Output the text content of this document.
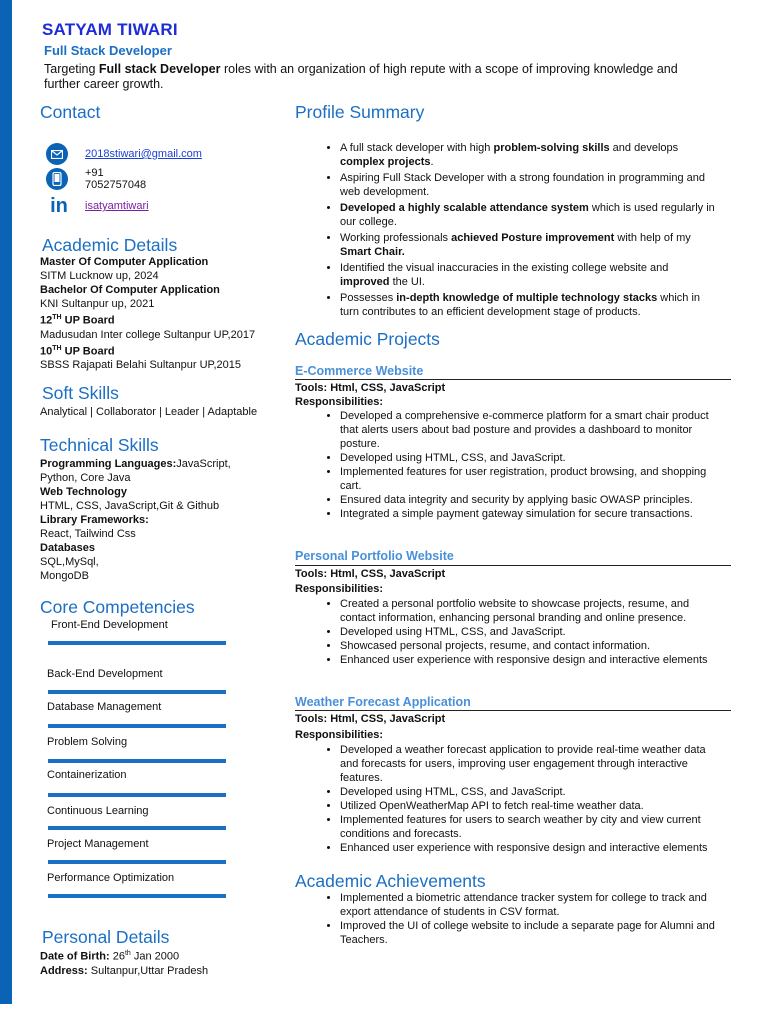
SATYAM TIWARI
Full Stack Developer
Targeting Full stack Developer roles with an organization of high repute with a scope of improving knowledge and further career growth.
Contact
2018stiwari@gmail.com
+91 7052757048
in	isatyamtiwari
Academic Details
Master Of Computer Application
SITM Lucknow up, 2024
Bachelor Of Computer Application
KNI Sultanpur up, 2021
12TH UP Board
Madusudan Inter college Sultanpur UP,2017
10TH UP Board
SBSS Rajapati Belahi Sultanpur UP,2015
Soft Skills
Analytical | Collaborator | Leader | Adaptable
Technical Skills
Programming Languages:JavaScript,
Python, Core Java
Web Technology
HTML, CSS, JavaScript,Git & Github
Library Frameworks:
React, Tailwind Css
Databases
SQL,MySql,
MongoDB
Core Competencies
Front-End Development
Back-End Development
Database Management
Problem Solving
Containerization
Continuous Learning
Project Management
Performance Optimization
Personal Details
Date of Birth: 26th Jan 2000
Address: Sultanpur,Uttar Pradesh
Profile Summary
• A full stack developer with high problem-solving skills and develops complex projects.
• Aspiring Full Stack Developer with a strong foundation in programming and web development.
• Developed a highly scalable attendance system which is used regularly in our college.
• Working professionals achieved Posture improvement with help of my Smart Chair.
• Identified the visual inaccuracies in the existing college website and improved the UI.
• Possesses in-depth knowledge of multiple technology stacks which in turn contributes to an efficient development stage of products.
Academic Projects
E-Commerce Website
Tools: Html, CSS, JavaScript
Responsibilities:
• Developed a comprehensive e-commerce platform for a smart chair product that alerts users about bad posture and provides a dashboard to monitor posture.
• Developed using HTML, CSS, and JavaScript.
• Implemented features for user registration, product browsing, and shopping cart.
• Ensured data integrity and security by applying basic OWASP principles.
• Integrated a simple payment gateway simulation for secure transactions.
Personal Portfolio Website
Tools: Html, CSS, JavaScript
Responsibilities:
• Created a personal portfolio website to showcase projects, resume, and contact information, enhancing personal branding and online presence.
• Developed using HTML, CSS, and JavaScript.
• Showcased personal projects, resume, and contact information.
• Enhanced user experience with responsive design and interactive elements
Weather Forecast Application
Tools: Html, CSS, JavaScript
Responsibilities:
• Developed a weather forecast application to provide real-time weather data and forecasts for users, improving user engagement through interactive features.
• Developed using HTML, CSS, and JavaScript.
• Utilized OpenWeatherMap API to fetch real-time weather data.
• Implemented features for users to search weather by city and view current conditions and forecasts.
• Enhanced user experience with responsive design and interactive elements
Academic Achievements
• Implemented a biometric attendance tracker system for college to track and export attendance of students in CSV format.
• Improved the UI of college website to include a separate page for Alumni and Teachers.
